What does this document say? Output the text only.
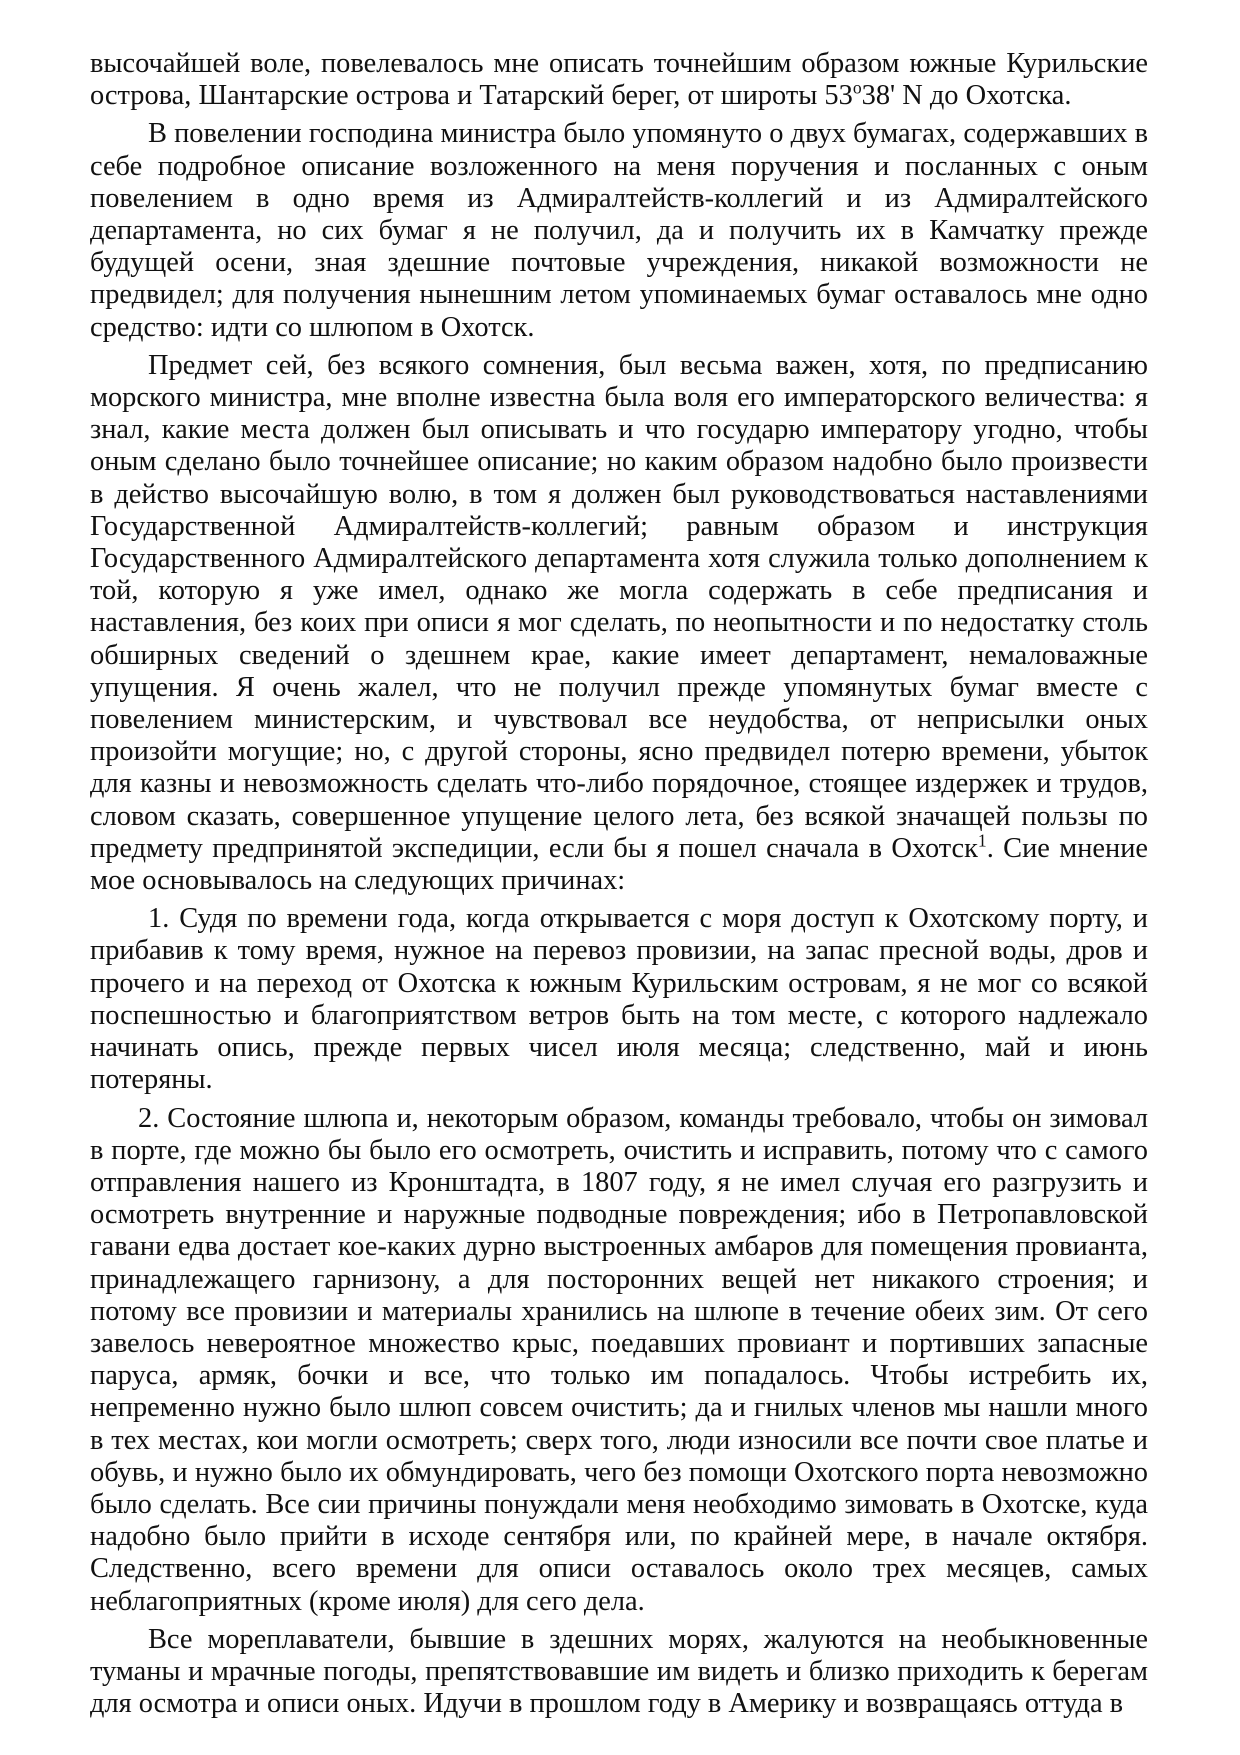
высочайшей воле, повелевалось мне описать точнейшим образом южные Курильские острова, Шантарские острова и Татарский берег, от широты $53^о38'$ N до Охотска.

В повелении господина министра было упомянуто о двух бумагах, содержавших в себе подробное описание возложенного на меня поручения и посланных с оным повелением в одно время из Адмиралтейств-коллегий и из Адмиралтейского департамента, но сих бумаг я не получил, да и получить их в Камчатку прежде будущей осени, зная здешние почтовые учреждения, никакой возможности не предвидел; для получения нынешним летом упоминаемых бумаг оставалось мне одно средство: идти со шлюпом в Охотск.

Предмет сей, без всякого сомнения, был весьма важен, хотя, по предписанию морского министра, мне вполне известна была воля его императорского величества: я знал, какие места должен был описывать и что государю императору угодно, чтобы оным сделано было точнейшее описание; но каким образом надобно было произвести в действо высочайшую волю, в том я должен был руководствоваться наставлениями Государственной Адмиралтейств-коллегий; равным образом и инструкция Государственного Адмиралтейского департамента хотя служила только дополнением к той, которую я уже имел, однако же могла содержать в себе предписания и наставления, без коих при описи я мог сделать, по неопытности и по недостатку столь обширных сведений о здешнем крае, какие имеет департамент, немаловажные упущения. Я очень жалел, что не получил прежде упомянутых бумаг вместе с повелением министерским, и чувствовал все неудобства, от неприсылки оных произойти могущие; но, с другой стороны, ясно предвидел потерю времени, убыток для казны и невозможность сделать что-либо порядочное, стоящее издержек и трудов, словом сказать, совершенное упущение целого лета, без всякой значащей пользы по предмету предпринятой экспедиции, если бы я пошел сначала в Охотск$^1$. Сие мнение мое основывалось на следующих причинах:

1. Судя по времени года, когда открывается с моря доступ к Охотскому порту, и прибавив к тому время, нужное на перевоз провизии, на запас пресной воды, дров и прочего и на переход от Охотска к южным Курильским островам, я не мог со всякой поспешностью и благоприятством ветров быть на том месте, с которого надлежало начинать опись, прежде первых чисел июля месяца; следственно, май и июнь потеряны.

2. Состояние шлюпа и, некоторым образом, команды требовало, чтобы он зимовал в порте, где можно бы было его осмотреть, очистить и исправить, потому что с самого отправления нашего из Кронштадта, в 1807 году, я не имел случая его разгрузить и осмотреть внутренние и наружные подводные повреждения; ибо в Петропавловской гавани едва достает кое-каких дурно выстроенных амбаров для помещения провианта, принадлежащего гарнизону, а для посторонних вещей нет никакого строения; и потому все провизии и материалы хранились на шлюпе в течение обеих зим. От сего завелось невероятное множество крыс, поедавших провиант и портивших запасные паруса, армяк, бочки и все, что только им попадалось. Чтобы истребить их, непременно нужно было шлюп совсем очистить; да и гнилых членов мы нашли много в тех местах, кои могли осмотреть; сверх того, люди износили все почти свое платье и обувь, и нужно было их обмундировать, чего без помощи Охотского порта невозможно было сделать. Все сии причины понуждали меня необходимо зимовать в Охотске, куда надобно было прийти в исходе сентября или, по крайней мере, в начале октября. Следственно, всего времени для описи оставалось около трех месяцев, самых неблагоприятных (кроме июля) для сего дела.

Все мореплаватели, бывшие в здешних морях, жалуются на необыкновенные туманы и мрачные погоды, препятствовавшие им видеть и близко приходить к берегам для осмотра и описи оных. Идучи в прошлом году в Америку и возвращаясь оттуда в
